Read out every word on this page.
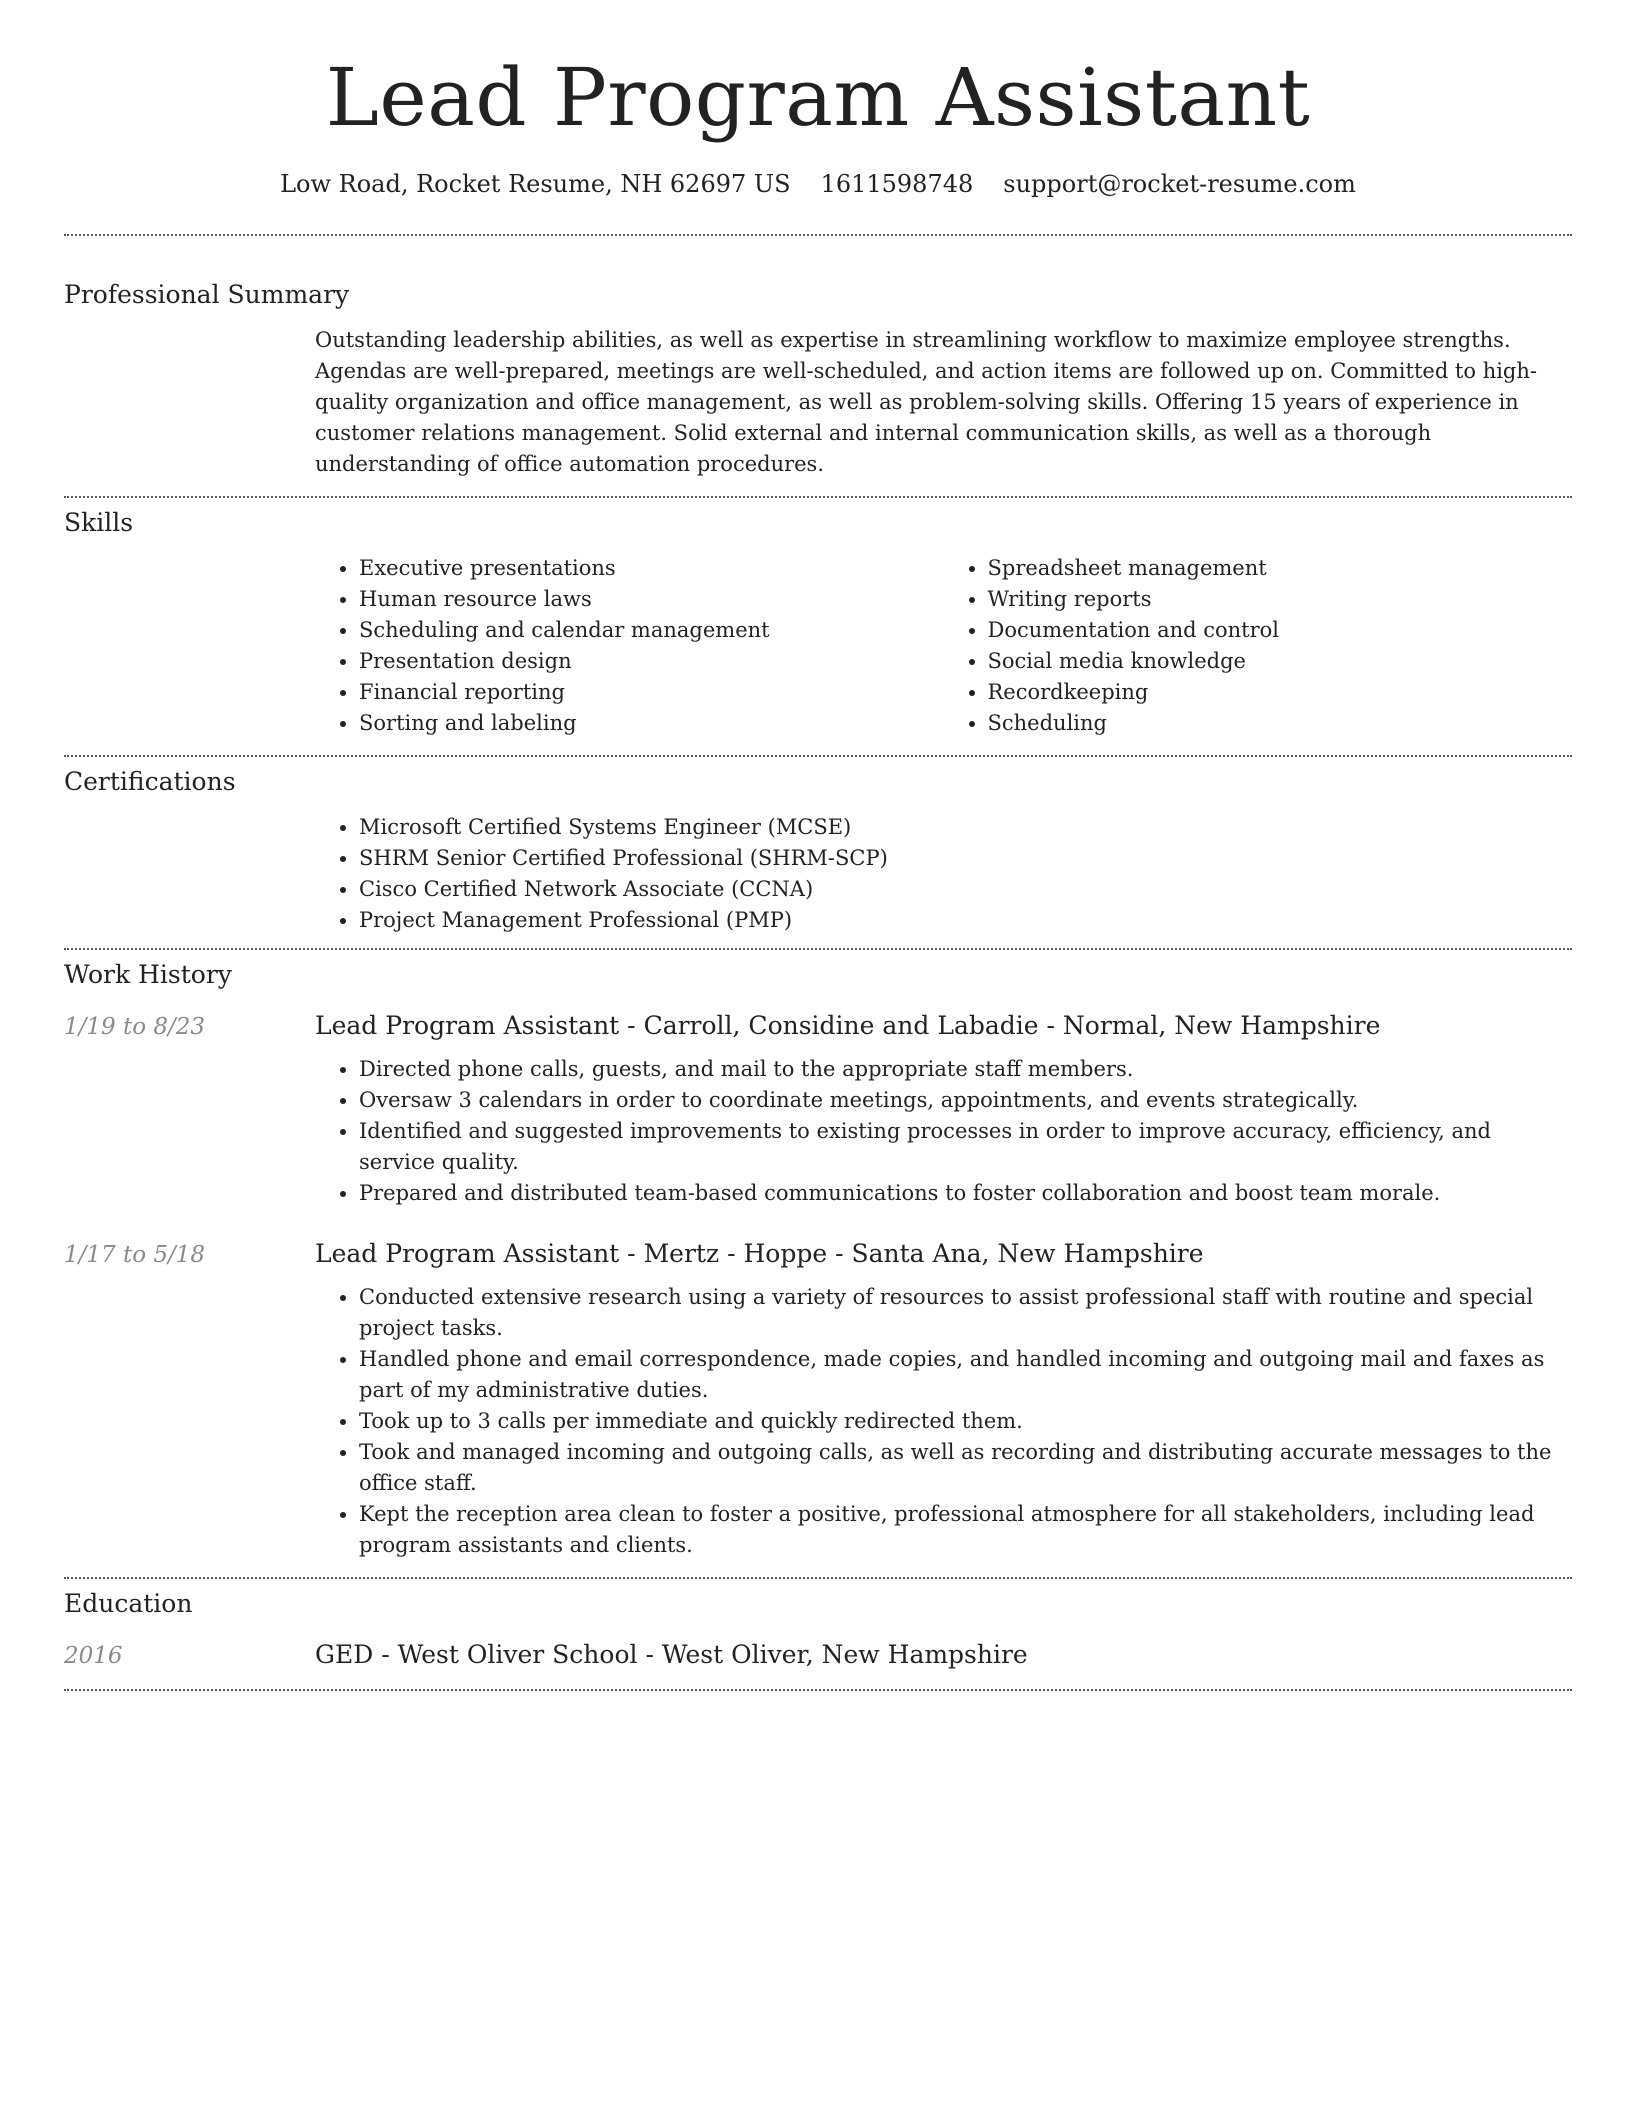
Lead Program Assistant
Low Road, Rocket Resume, NH 62697 US 1611598748 support@rocket-resume.com
Professional Summary
Outstanding leadership abilities, as well as expertise in streamlining workflow to maximize employee strengths. Agendas are well-prepared, meetings are well-scheduled, and action items are followed up on. Committed to high-quality organization and office management, as well as problem-solving skills. Offering 15 years of experience in customer relations management. Solid external and internal communication skills, as well as a thorough understanding of office automation procedures.
Skills
• Executive presentations
• Human resource laws
• Scheduling and calendar management
• Presentation design
• Financial reporting
• Sorting and labeling
• Spreadsheet management
• Writing reports
• Documentation and control
• Social media knowledge
• Recordkeeping
• Scheduling
Certifications
• Microsoft Certified Systems Engineer (MCSE)
• SHRM Senior Certified Professional (SHRM-SCP)
• Cisco Certified Network Associate (CCNA)
• Project Management Professional (PMP)
Work History
1/19 to 8/23	Lead Program Assistant - Carroll, Considine and Labadie - Normal, New Hampshire
• Directed phone calls, guests, and mail to the appropriate staff members.
• Oversaw 3 calendars in order to coordinate meetings, appointments, and events strategically.
• Identified and suggested improvements to existing processes in order to improve accuracy, efficiency, and service quality.
• Prepared and distributed team-based communications to foster collaboration and boost team morale.
1/17 to 5/18	Lead Program Assistant - Mertz - Hoppe - Santa Ana, New Hampshire
• Conducted extensive research using a variety of resources to assist professional staff with routine and special project tasks.
• Handled phone and email correspondence, made copies, and handled incoming and outgoing mail and faxes as part of my administrative duties.
• Took up to 3 calls per immediate and quickly redirected them.
• Took and managed incoming and outgoing calls, as well as recording and distributing accurate messages to the office staff.
• Kept the reception area clean to foster a positive, professional atmosphere for all stakeholders, including lead program assistants and clients.
Education
2016	GED - West Oliver School - West Oliver, New Hampshire
